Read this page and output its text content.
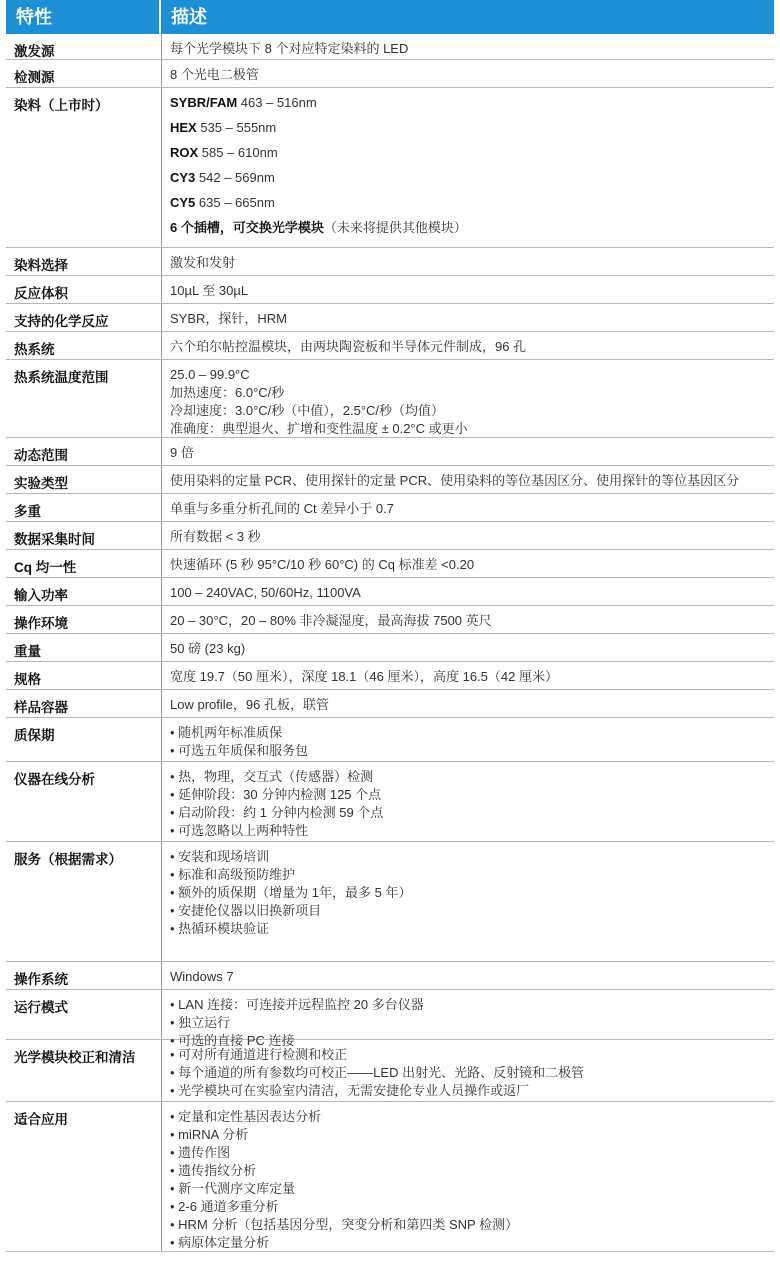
特性	描述
激发源	每个光学模块下 8 个对应特定染料的 LED
检测源	8 个光电二极管
染料（上市时）	SYBR/FAM 463 – 516nm
HEX 535 – 555nm
ROX 585 – 610nm
CY3 542 – 569nm
CY5 635 – 665nm
6 个插槽，可交换光学模块（未来将提供其他模块）
染料选择	激发和发射
反应体积	10µL 至 30µL
支持的化学反应	SYBR，探针，HRM
热系统	六个珀尔帖控温模块，由两块陶瓷板和半导体元件制成，96 孔
热系统温度范围	25.0 – 99.9°C
加热速度：6.0°C/秒
冷却速度：3.0°C/秒（中值），2.5°C/秒（均值）
准确度：典型退火、扩增和变性温度 ± 0.2°C 或更小
动态范围	9 倍
实验类型	使用染料的定量 PCR、使用探针的定量 PCR、使用染料的等位基因区分、使用探针的等位基因区分
多重	单重与多重分析孔间的 Ct 差异小于 0.7
数据采集时间	所有数据 < 3 秒
Cq 均一性	快速循环 (5 秒 95°C/10 秒 60°C) 的 Cq 标准差 <0.20
输入功率	100 – 240VAC, 50/60Hz, 1100VA
操作环境	20 – 30°C，20 – 80% 非冷凝湿度，最高海拔 7500 英尺
重量	50 磅 (23 kg)
规格	宽度 19.7（50 厘米），深度 18.1（46 厘米），高度 16.5（42 厘米）
样品容器	Low profile，96 孔板，联管
质保期	• 随机两年标准质保
• 可选五年质保和服务包
仪器在线分析	• 热，物理，交互式（传感器）检测
• 延伸阶段：30 分钟内检测 125 个点
• 启动阶段：约 1 分钟内检测 59 个点
• 可选忽略以上两种特性
服务（根据需求）	• 安装和现场培训
• 标准和高级预防维护
• 额外的质保期（增量为 1年，最多 5 年）
• 安捷伦仪器以旧换新项目
• 热循环模块验证
操作系统	Windows 7
运行模式	• LAN 连接：可连接并远程监控 20 多台仪器
• 独立运行
• 可选的直接 PC 连接
光学模块校正和清洁	• 可对所有通道进行检测和校正
• 每个通道的所有参数均可校正——LED 出射光、光路、反射镜和二极管
• 光学模块可在实验室内清洁，无需安捷伦专业人员操作或返厂
适合应用	• 定量和定性基因表达分析
• miRNA 分析
• 遗传作图
• 遗传指纹分析
• 新一代测序文库定量
• 2-6 通道多重分析
• HRM 分析（包括基因分型，突变分析和第四类 SNP 检测）
• 病原体定量分析
